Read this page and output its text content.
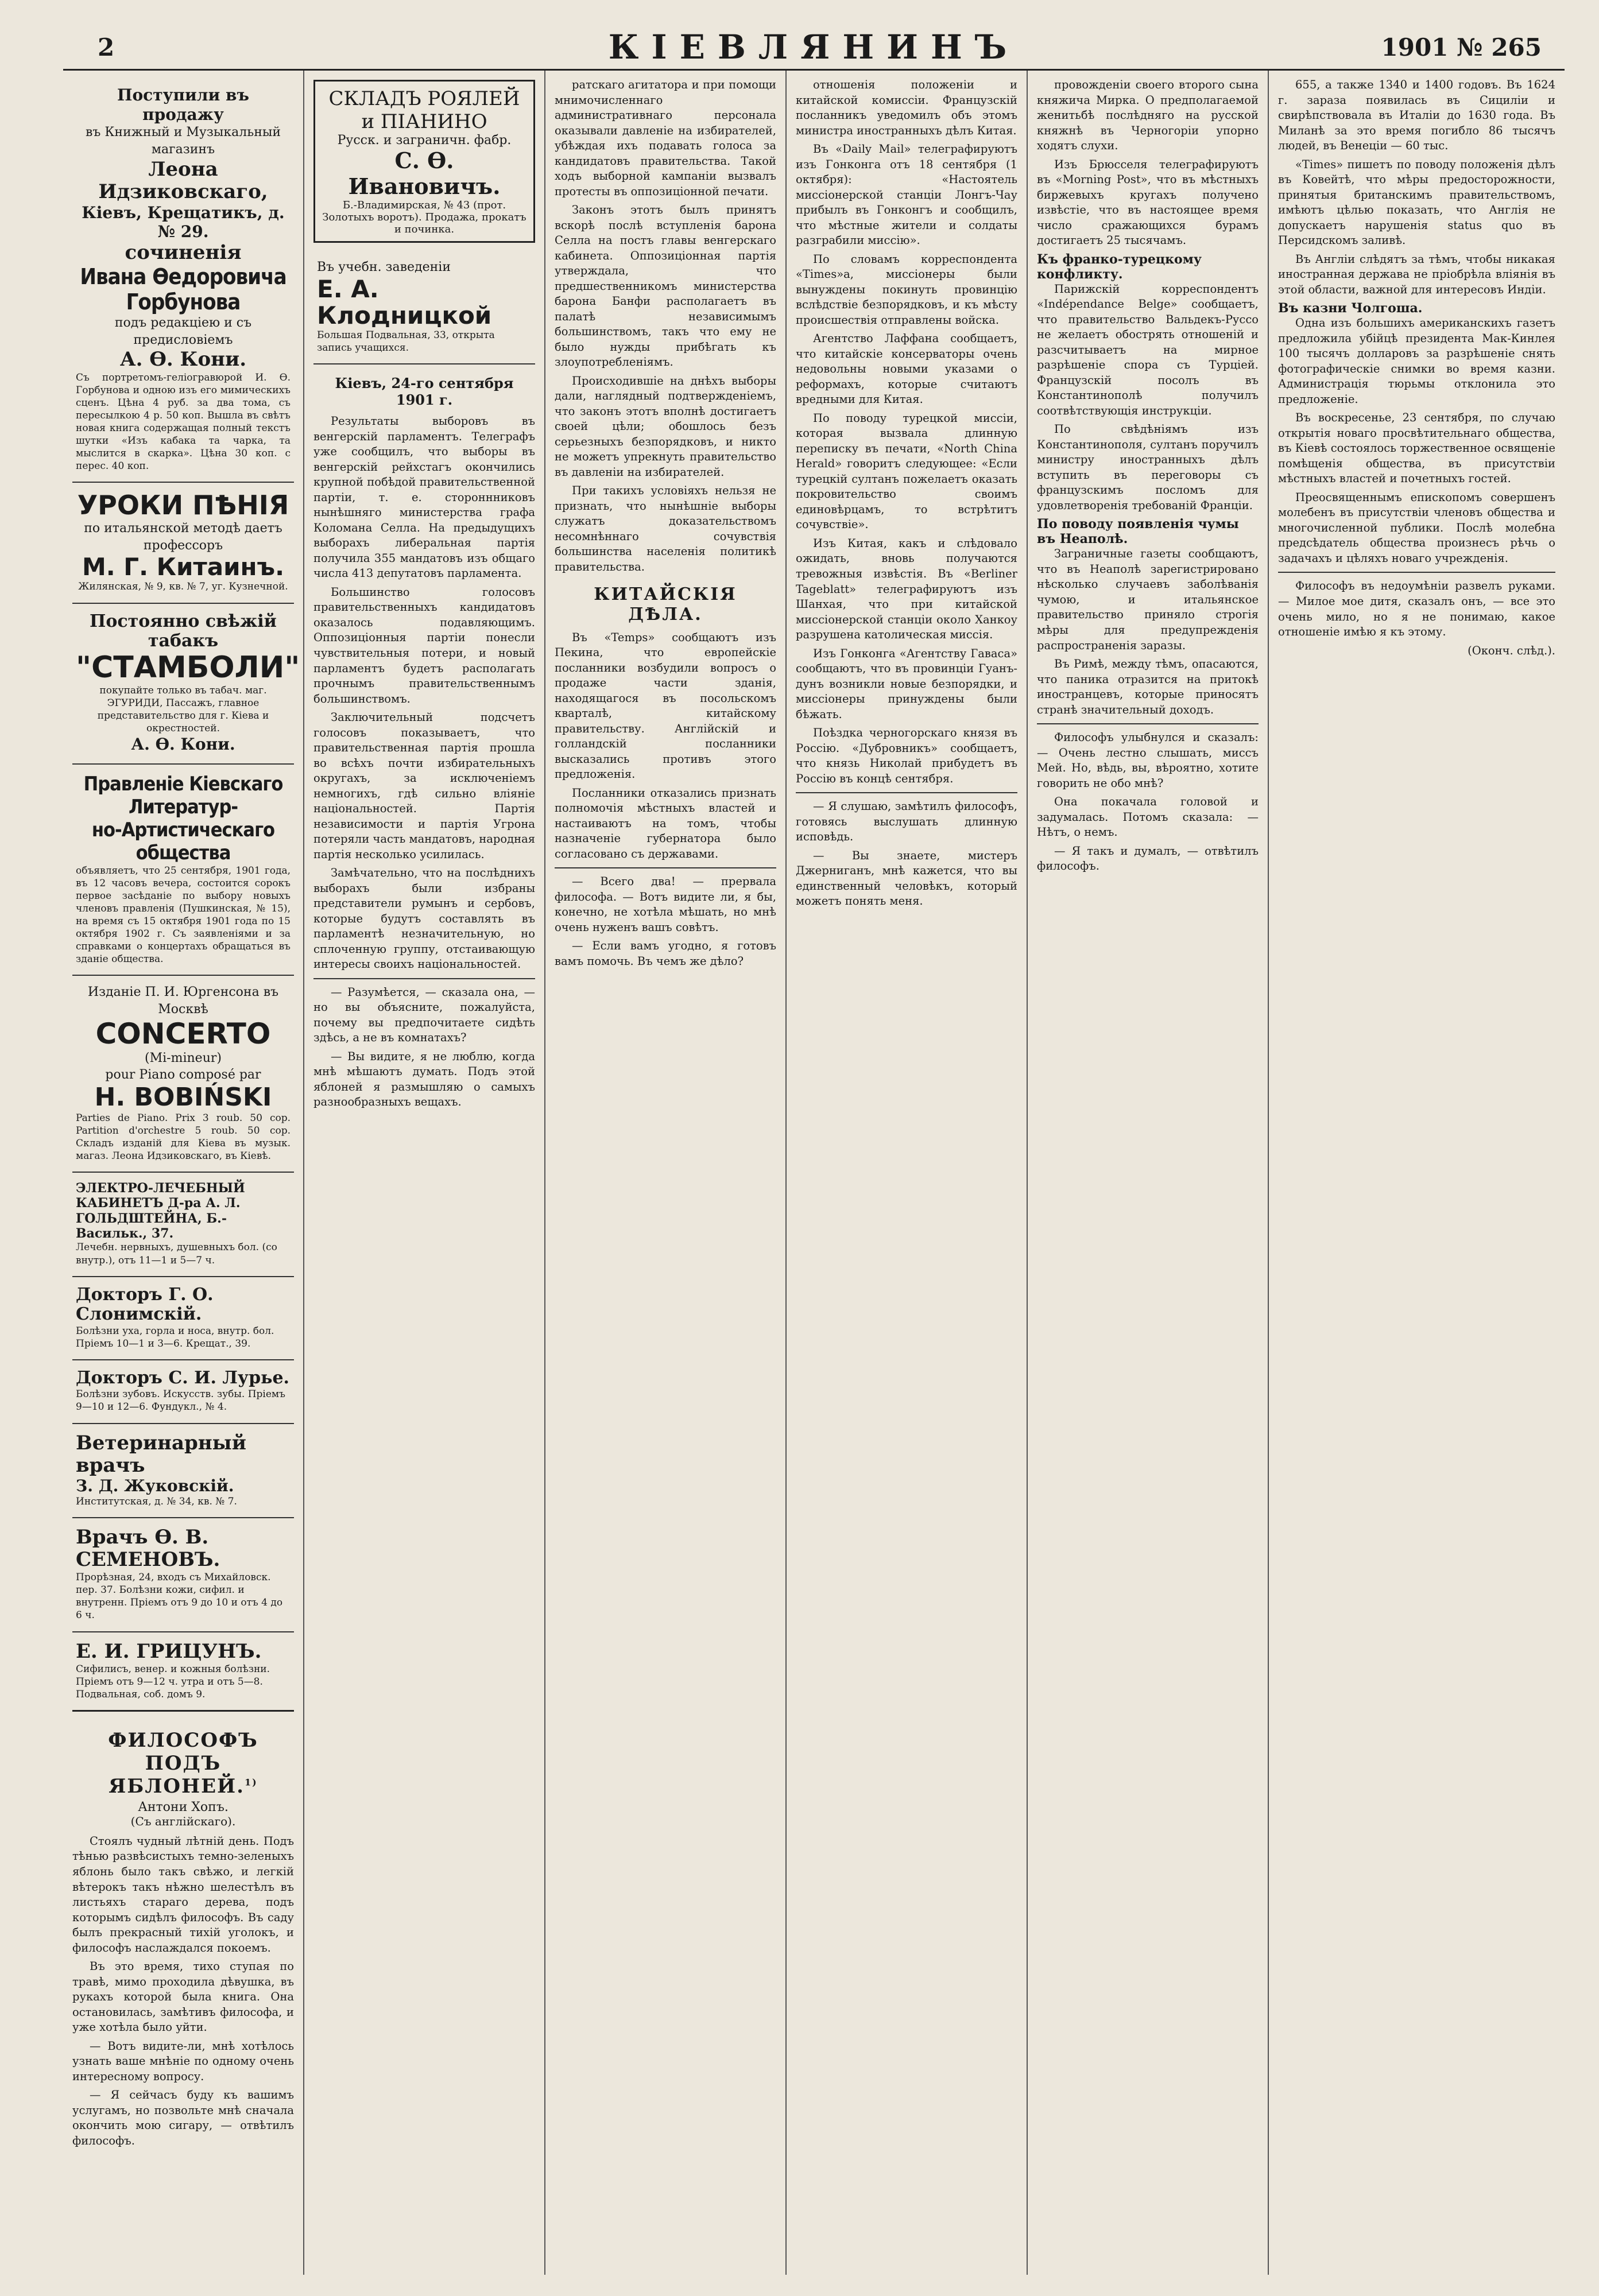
2	КІЕВЛЯНИНЪ	1901 № 265
Поступили въ продажу
въ Книжный и Музыкальный магазинъ
Леона Идзиковскаго,
Кіевъ, Крещатикъ, д. № 29.
сочиненія
Ивана Өедоровича Горбунова
подъ редакціею и съ предисловіемъ
А. Ө. Кони.
Съ портретомъ-гелiогравюрой И. Ө. Горбунова и одною изъ его мимическихъ сценъ. Цѣна 4 руб. за два тома, съ пересылкою 4 р. 50 коп. Вышла въ свѣтъ новая книга содержащая полный текстъ шутки «Изъ кабака та чарка, та мыслится в скарка». Цѣна 30 коп. с перес. 40 коп.
УРОКИ ПѢНІЯ
по итальянской методѣ даетъ профессоръ
М. Г. Китаинъ.
Жилянская, № 9, кв. № 7, уг. Кузнечной.
Постоянно свѣжій табакъ
"СТАМБОЛИ"
покупайте только въ табач. маг. ЭГУРИДИ, Пассажъ, главное представительство для г. Кіева и окрестностей.
А. Ө. Кони.
Правленіе Кіевскаго Литератур-
но-Артистическаго общества
объявляетъ, что 25 сентября, 1901 года, въ 12 часовъ вечера, состоится сорокъ первое засѣданіе по выбору новыхъ членовъ правленія (Пушкинская, № 15), на время съ 15 октября 1901 года по 15 октября 1902 г. Съ заявленіями и за справками о концертахъ обращаться въ зданіе общества.
Изданіе П. И. Юргенсона въ Москвѣ
CONCERTO
(Mi-mineur)
pour Piano composé par
H. BOBIŃSKI
Parties de Piano. Prix 3 roub. 50 cop. Partition d'orchestre 5 roub. 50 cop. Складъ изданій для Кіева въ музык. магаз. Леона Идзиковскаго, въ Кіевѣ.
ЭЛЕКТРО-ЛЕЧЕБНЫЙ КАБИНЕТЪ Д-ра А. Л. ГОЛЬДШТЕЙНА, Б.-Васильк., 37.
Лечебн. нервныхъ, душевныхъ бол. (со внутр.), отъ 11—1 и 5—7 ч.
Докторъ Г. О. Слонимскій.
Болѣзни уха, горла и носа, внутр. бол. Пріемъ 10—1 и 3—6. Крещат., 39.
Докторъ С. И. Лурье.
Болѣзни зубовъ. Искусств. зубы. Пріемъ 9—10 и 12—6. Фундукл., № 4.
Ветеринарный врачъ
З. Д. Жуковскій.
Институтская, д. № 34, кв. № 7.
Врачъ Ө. В. СЕМЕНОВЪ.
Прорѣзная, 24, входъ съ Михайловск. пер. 37. Болѣзни кожи, сифил. и внутренн. Пріемъ отъ 9 до 10 и отъ 4 до 6 ч.
Е. И. ГРИЦУНЪ.
Сифилисъ, венер. и кожныя болѣзни. Пріемъ отъ 9—12 ч. утра и отъ 5—8. Подвальная, соб. домъ 9.
ФИЛОСОФЪ ПОДЪ ЯБЛОНЕЙ.$^{1)}$

Антони Хопъ.

(Съ англійскаго).

Стоялъ чудный лѣтній день. Подъ тѣнью развѣсистыхъ темно-зеленыхъ яблонь было такъ свѣжо, и легкій вѣтерокъ такъ нѣжно шелестѣлъ въ листьяхъ стараго дерева, подъ которымъ сидѣлъ философъ. Въ саду былъ прекрасный тихій уголокъ, и философъ наслаждался покоемъ.

Въ это время, тихо ступая по травѣ, мимо проходила дѣвушка, въ рукахъ которой была книга. Она остановилась, замѣтивъ философа, и уже хотѣла было уйти.

— Вотъ видите-ли, мнѣ хотѣлось узнать ваше мнѣніе по одному очень интересному вопросу.

— Я сейчасъ буду къ вашимъ услугамъ, но позвольте мнѣ сначала окончить мою сигару, — отвѣтилъ философъ.

СКЛАДЪ РОЯЛЕЙ и ПІАНИНО
Русск. и заграничн. фабр.
С. Ө. Ивановичъ.
Б.-Владимирская, № 43 (прот. Золотыхъ воротъ). Продажа, прокатъ и починка.
Въ учебн. заведеніи
Е. А. Клодницкой
Большая Подвальная, 33, открыта запись учащихся.
Кіевъ, 24-го сентября 1901 г.

Результаты выборовъ въ венгерскій парламентъ. Телеграфъ уже сообщилъ, что выборы въ венгерскій рейхстагъ окончились крупной побѣдой правительственной партіи, т. е. стороннниковъ нынѣшняго министерства графа Коломана Селла. На предыдущихъ выборахъ либеральная партія получила 355 мандатовъ изъ общаго числа 413 депутатовъ парламента.

Большинство голосовъ правительственныхъ кандидатовъ оказалось подавляющимъ. Оппозиціонныя партіи понесли чувствительныя потери, и новый парламентъ будетъ располагать прочнымъ правительственнымъ большинствомъ.

Заключительный подсчетъ голосовъ показываетъ, что правительственная партія прошла во всѣхъ почти избирательныхъ округахъ, за исключеніемъ немногихъ, гдѣ сильно вліяніе національностей. Партія независимости и партія Угрона потеряли часть мандатовъ, народная партія несколько усилилась.

Замѣчательно, что на послѣднихъ выборахъ были избраны представители румынъ и сербовъ, которые будутъ составлять въ парламентѣ незначительную, но сплоченную группу, отстаивающую интересы своихъ національностей.

— Разумѣется, — сказала она, — но вы объясните, пожалуйста, почему вы предпочитаете сидѣть здѣсь, а не въ комнатахъ?

— Вы видите, я не люблю, когда мнѣ мѣшаютъ думать. Подъ этой яблоней я размышляю о самыхъ разнообразныхъ вещахъ.

ратскаго агитатора и при помощи мнимочисленнаго административнаго персонала оказывали давленіе на избирателей, убѣждая ихъ подавать голоса за кандидатовъ правительства. Такой ходъ выборной кампаніи вызвалъ протесты въ оппозиціонной печати.

Законъ этотъ былъ принятъ вскорѣ послѣ вступленія барона Селла на постъ главы венгерскаго кабинета. Оппозиціонная партія утверждала, что предшественникомъ министерства барона Банфи располагаетъ въ палатѣ независимымъ большинствомъ, такъ что ему не было нужды прибѣгать къ злоупотребленіямъ.

Происходившіе на днѣхъ выборы дали, наглядный подтвержденіемъ, что законъ этотъ вполнѣ достигаетъ своей цѣли; обошлось безъ серьезныхъ безпорядковъ, и никто не можетъ упрекнуть правительство въ давленіи на избирателей.

При такихъ условіяхъ нельзя не признать, что нынѣшніе выборы служатъ доказательствомъ несомнѣннаго сочувствія большинства населенія политикѣ правительства.

КИТАЙСКІЯ ДѢЛА.

Въ «Temps» сообщаютъ изъ Пекина, что европейскіе посланники возбудили вопросъ о продаже части зданія, находящагося въ посольскомъ кварталѣ, китайскому правительству. Англійскій и голландскій посланники высказались противъ этого предложенія.

Посланники отказались признать полномочія мѣстныхъ властей и настаиваютъ на томъ, чтобы назначеніе губернатора было согласовано съ державами.

— Всего два! — прервала философа. — Вотъ видите ли, я бы, конечно, не хотѣла мѣшать, но мнѣ очень нуженъ вашъ совѣтъ.

— Если вамъ угодно, я готовъ вамъ помочь. Въ чемъ же дѣло?

отношенія положеніи и китайской комиссіи. Французскій посланникъ уведомилъ объ этомъ министра иностранныхъ дѣлъ Китая.

Въ «Daily Mail» телеграфируютъ изъ Гонконга отъ 18 сентября (1 октября): «Настоятель миссіонерской станціи Лонгъ-Чау прибылъ въ Гонконгъ и сообщилъ, что мѣстные жители и солдаты разграбили миссію».

По словамъ корреспондента «Times»а, миссіонеры были вынуждены покинуть провинцію вслѣдствіе безпорядковъ, и къ мѣсту происшествія отправлены войска.

Агентство Лаффана сообщаетъ, что китайскіе консерваторы очень недовольны новыми указами о реформахъ, которые считаютъ вредными для Китая.

По поводу турецкой миссіи, которая вызвала длинную переписку въ печати, «North China Herald» говоритъ следующее: «Если турецкій султанъ пожелаетъ оказать покровительство своимъ единовѣрцамъ, то встрѣтитъ сочувствіе».

Изъ Китая, какъ и слѣдовало ожидать, вновь получаются тревожныя извѣстія. Въ «Berliner Tageblatt» телеграфируютъ изъ Шанхая, что при китайской миссіонерской станціи около Ханкоу разрушена католическая миссія.

Изъ Гонконга «Агентству Гаваса» сообщаютъ, что въ провинціи Гуанъ-дунъ возникли новые безпорядки, и миссіонеры принуждены были бѣжать.

Поѣздка черногорскаго князя въ Россію. «Дубровникъ» сообщаетъ, что князь Николай прибудетъ въ Россію въ концѣ сентября.

— Я слушаю, замѣтилъ философъ, готовясь выслушать длинную исповѣдь.

— Вы знаете, мистеръ Джерниганъ, мнѣ кажется, что вы единственный человѣкъ, который можетъ понять меня.

провожденіи своего второго сына княжича Мирка. О предполагаемой женитьбѣ послѣдняго на русской княжнѣ въ Черногоріи упорно ходятъ слухи.

Изъ Брюсселя телеграфируютъ въ «Morning Post», что въ мѣстныхъ биржевыхъ кругахъ получено извѣстіе, что въ настоящее время число сражающихся бурамъ достигаетъ 25 тысячамъ.

Къ франко-турецкому конфликту.

Парижскій корреспондентъ «Indépendance Belge» сообщаетъ, что правительство Вальдекъ-Руссо не желаетъ обострять отношеній и разсчитываетъ на мирное разрѣшеніе спора съ Турціей. Французскій посолъ въ Константинополѣ получилъ соотвѣтствующія инструкціи.

По свѣдѣніямъ изъ Константинополя, султанъ поручилъ министру иностранныхъ дѣлъ вступить въ переговоры съ французскимъ посломъ для удовлетворенія требованій Франціи.

По поводу появленія чумы въ Неаполѣ.

Заграничные газеты сообщаютъ, что въ Неаполѣ зарегистрировано нѣсколько случаевъ заболѣванія чумою, и итальянское правительство приняло строгія мѣры для предупрежденія распространенія заразы.

Въ Римѣ, между тѣмъ, опасаются, что паника отразится на притокѣ иностранцевъ, которые приносятъ странѣ значительный доходъ.

Философъ улыбнулся и сказалъ: — Очень лестно слышать, миссъ Мей. Но, вѣдь, вы, вѣроятно, хотите говорить не обо мнѣ?

Она покачала головой и задумалась. Потомъ сказала: — Нѣтъ, о немъ.

— Я такъ и думалъ, — отвѣтилъ философъ.

655, а также 1340 и 1400 годовъ. Въ 1624 г. зараза появилась въ Сициліи и свирѣпствовала въ Италіи до 1630 года. Въ Миланѣ за это время погибло 86 тысячъ людей, въ Венеціи — 60 тыс.

«Times» пишетъ по поводу положенія дѣлъ въ Ковейтѣ, что мѣры предосторожности, принятыя британскимъ правительствомъ, имѣютъ цѣлью показать, что Англія не допускаетъ нарушенія status quo въ Персидскомъ заливѣ.

Въ Англіи слѣдятъ за тѣмъ, чтобы никакая иностранная держава не пріобрѣла вліянія въ этой области, важной для интересовъ Индіи.

Въ казни Чолгоша.

Одна изъ большихъ американскихъ газетъ предложила убійцѣ президента Мак-Кинлея 100 тысячъ долларовъ за разрѣшеніе снять фотографическіе снимки во время казни. Администрація тюрьмы отклонила это предложеніе.

Въ воскресенье, 23 сентября, по случаю открытія новаго просвѣтительнаго общества, въ Кіевѣ состоялось торжественное освященіе помѣщенія общества, въ присутствіи мѣстныхъ властей и почетныхъ гостей.

Преосвященнымъ епископомъ совершенъ молебенъ въ присутствіи членовъ общества и многочисленной публики. Послѣ молебна предсѣдатель общества произнесъ рѣчь о задачахъ и цѣляхъ новаго учрежденія.

Философъ въ недоумѣніи развелъ руками. — Милое мое дитя, сказалъ онъ, — все это очень мило, но я не понимаю, какое отношеніе имѣю я къ этому.

(Оконч. слѣд.).
